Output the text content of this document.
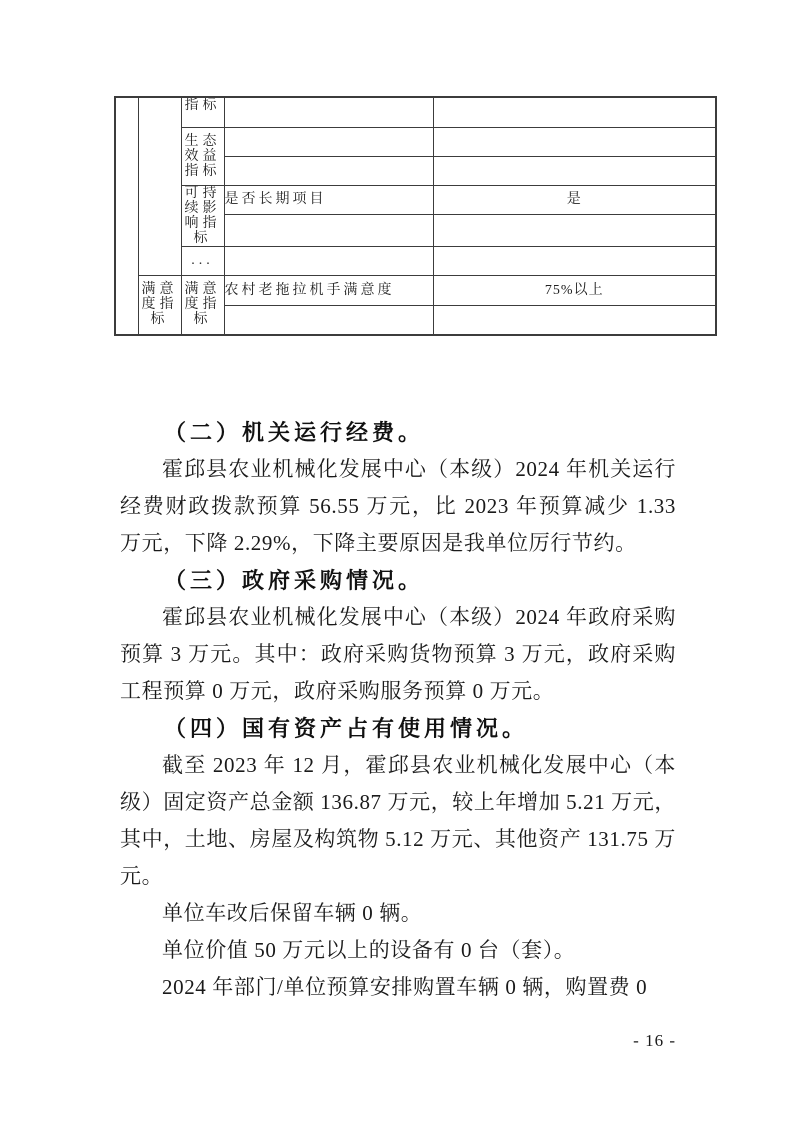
		指标		
		生态效益指标		

		可持续影响指标	是否长期项目	是

		...		
	满意度指标	满意度指标	农村老拖拉机手满意度	75%以上

（二）机关运行经费。

霍邱县农业机械化发展中心（本级）2024 年机关运行经费财政拨款预算 56.55 万元，比 2023 年预算减少 1.33 万元，下降 2.29%，下降主要原因是我单位厉行节约。

（三）政府采购情况。

霍邱县农业机械化发展中心（本级）2024 年政府采购预算 3 万元。其中：政府采购货物预算 3 万元，政府采购工程预算 0 万元，政府采购服务预算 0 万元。

（四）国有资产占有使用情况。

截至 2023 年 12 月，霍邱县农业机械化发展中心（本级）固定资产总金额 136.87 万元，较上年增加 5.21 万元，其中，土地、房屋及构筑物 5.12 万元、其他资产 131.75 万元。

单位车改后保留车辆 0 辆。

单位价值 50 万元以上的设备有 0 台（套）。

2024 年部门/单位预算安排购置车辆 0 辆，购置费 0

- 16 -
